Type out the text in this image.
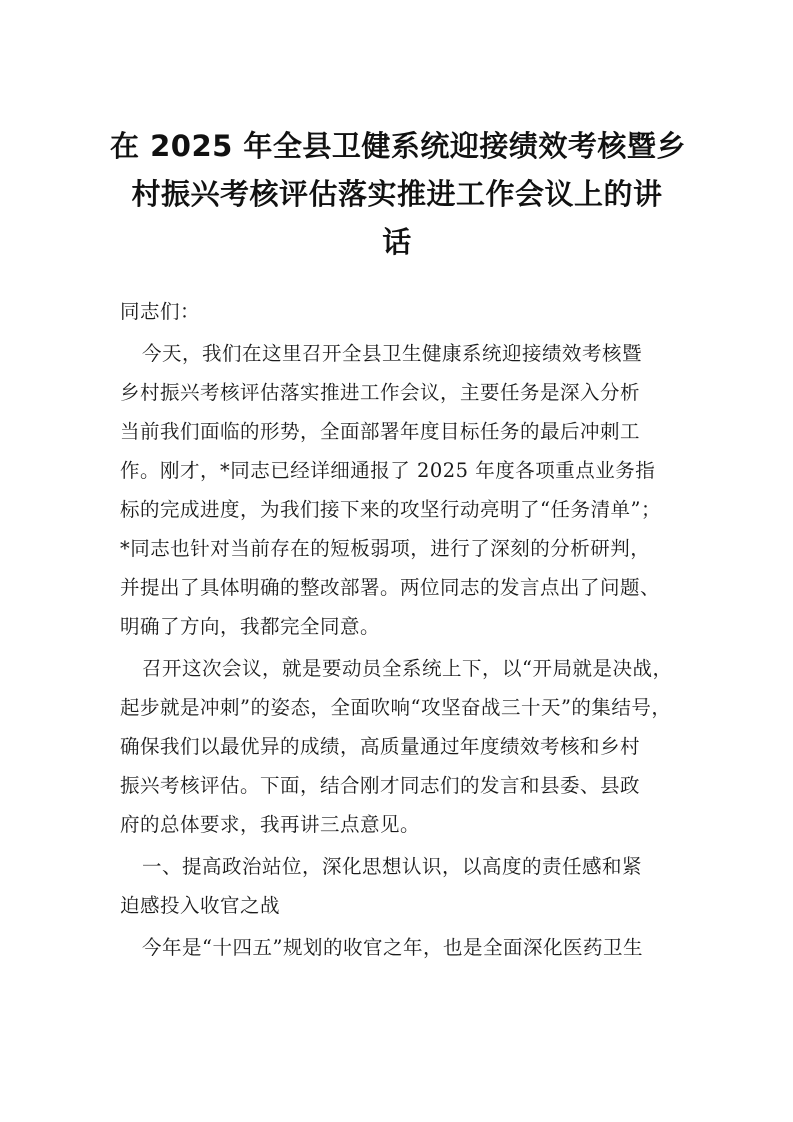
在 2025 年全县卫健系统迎接绩效考核暨乡
村振兴考核评估落实推进工作会议上的讲
话
同志们：
今天，我们在这里召开全县卫生健康系统迎接绩效考核暨
乡村振兴考核评估落实推进工作会议，主要任务是深入分析
当前我们面临的形势，全面部署年度目标任务的最后冲刺工
作。刚才，*同志已经详细通报了 2025 年度各项重点业务指
标的完成进度，为我们接下来的攻坚行动亮明了“任务清单”；
*同志也针对当前存在的短板弱项，进行了深刻的分析研判，
并提出了具体明确的整改部署。两位同志的发言点出了问题、
明确了方向，我都完全同意。
召开这次会议，就是要动员全系统上下，以“开局就是决战，
起步就是冲刺”的姿态，全面吹响“攻坚奋战三十天”的集结号，
确保我们以最优异的成绩，高质量通过年度绩效考核和乡村
振兴考核评估。下面，结合刚才同志们的发言和县委、县政
府的总体要求，我再讲三点意见。
一、提高政治站位，深化思想认识，以高度的责任感和紧
迫感投入收官之战
今年是“十四五”规划的收官之年，也是全面深化医药卫生
